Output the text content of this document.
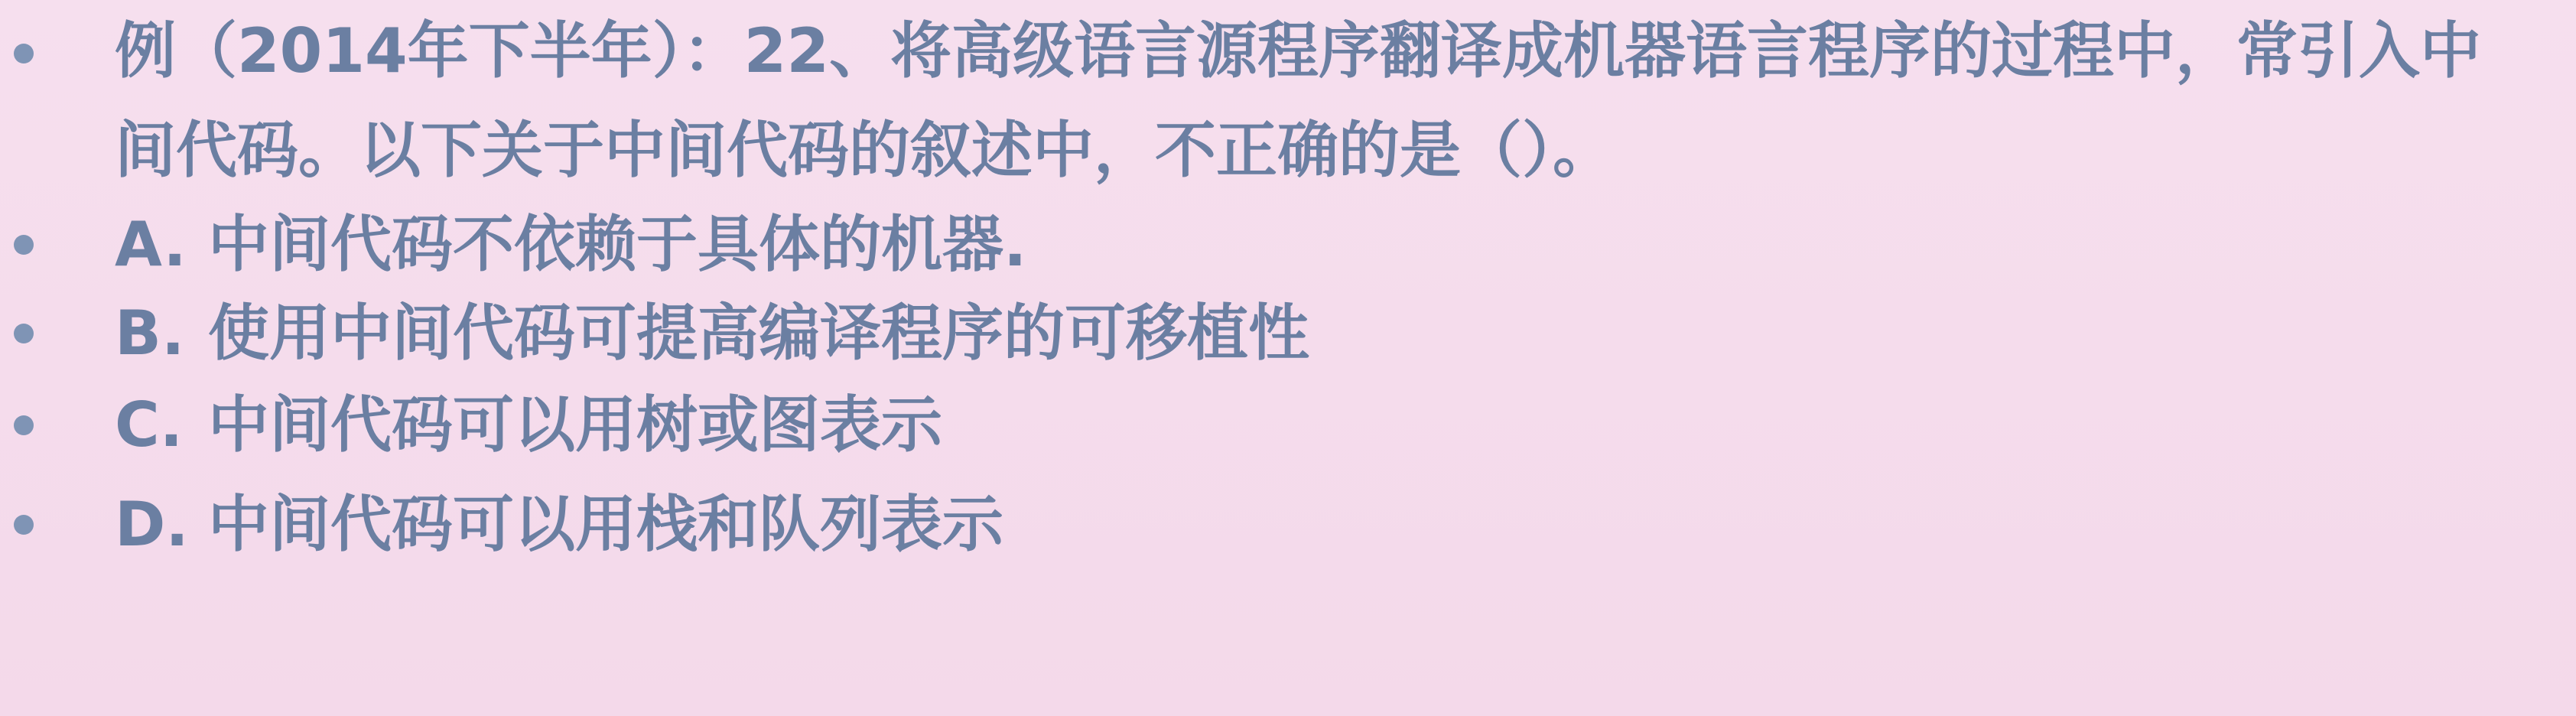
例（2014年下半年）：22、将高级语言源程序翻译成机器语言程序的过程中，常引入中间代码。以下关于中间代码的叙述中，不正确的是（）。
A. 中间代码不依赖于具体的机器.
B. 使用中间代码可提高编译程序的可移植性
C. 中间代码可以用树或图表示
D. 中间代码可以用栈和队列表示
